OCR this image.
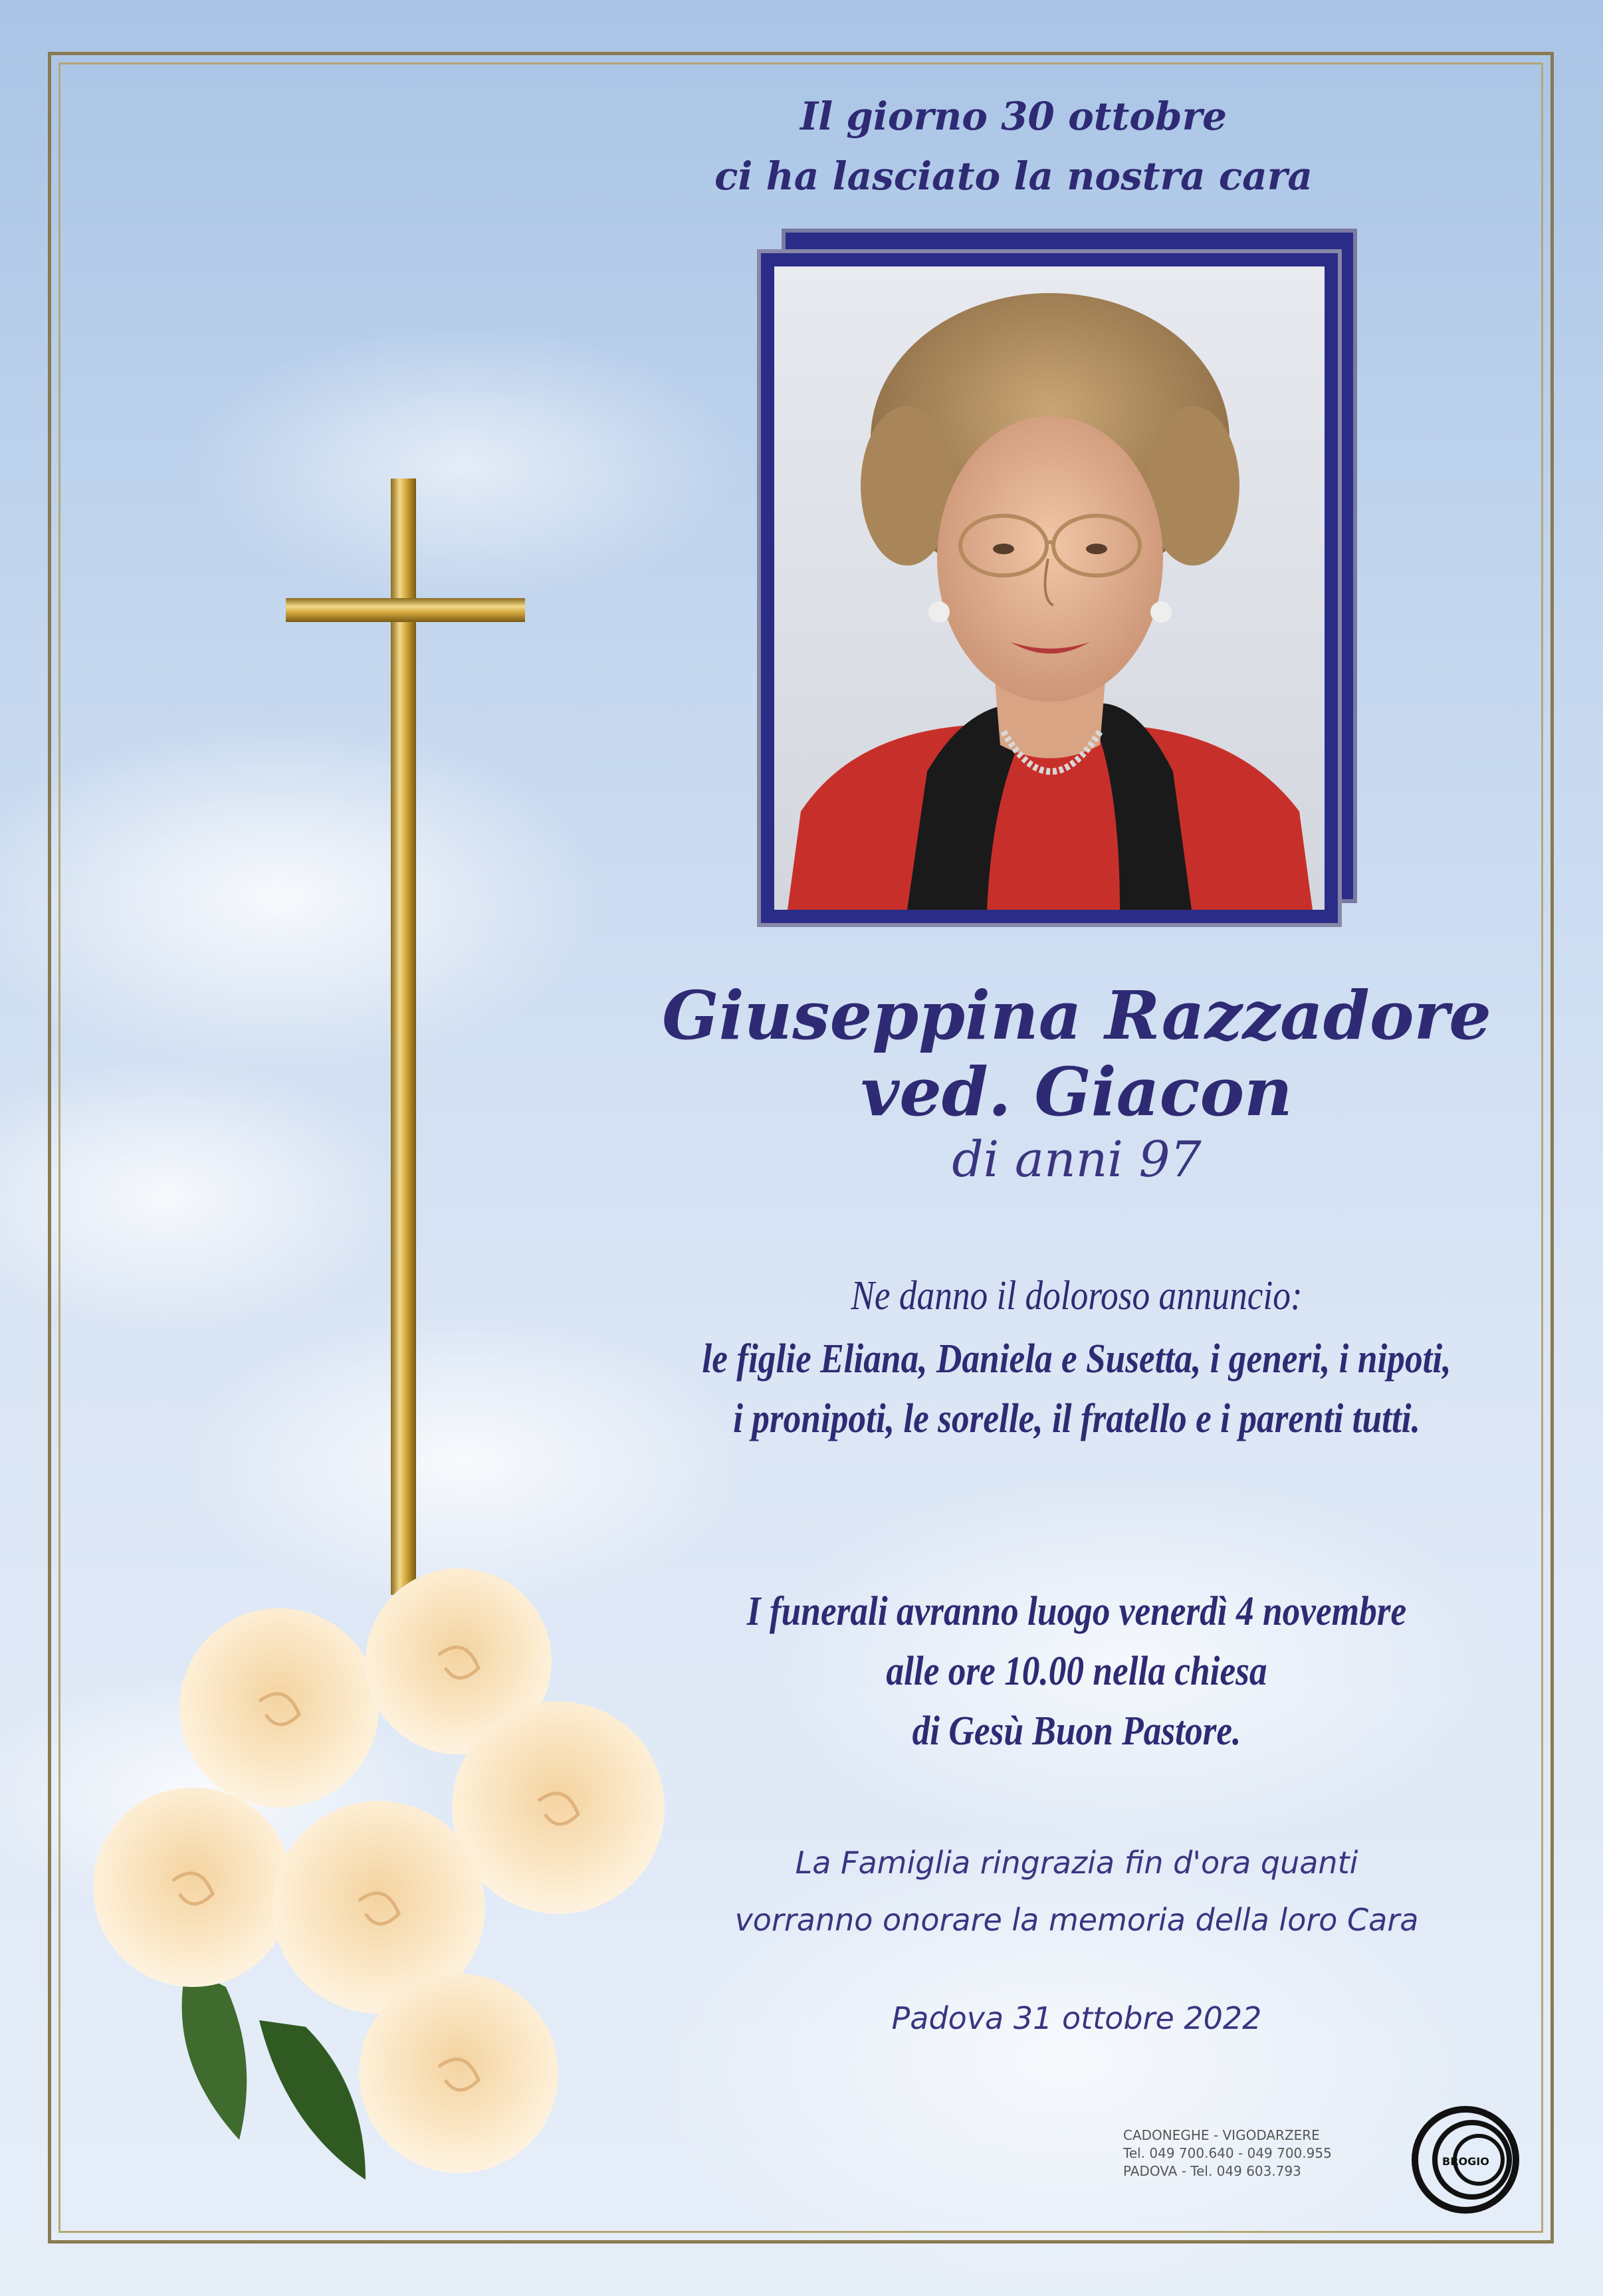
Il giorno 30 ottobre
ci ha lasciato la nostra cara
Giuseppina Razzadore
ved. Giacon
di anni 97
Ne danno il doloroso annuncio:
le figlie Eliana, Daniela e Susetta, i generi, i nipoti,
i pronipoti, le sorelle, il fratello e i parenti tutti.
I funerali avranno luogo venerdì 4 novembre
alle ore 10.00 nella chiesa
di Gesù Buon Pastore.
La Famiglia ringrazia fin d'ora quanti
vorranno onorare la memoria della loro Cara
Padova 31 ottobre 2022
CADONEGHE - VIGODARZERE
Tel. 049 700.640 - 049 700.955
PADOVA - Tel. 049 603.793
BROGIO
